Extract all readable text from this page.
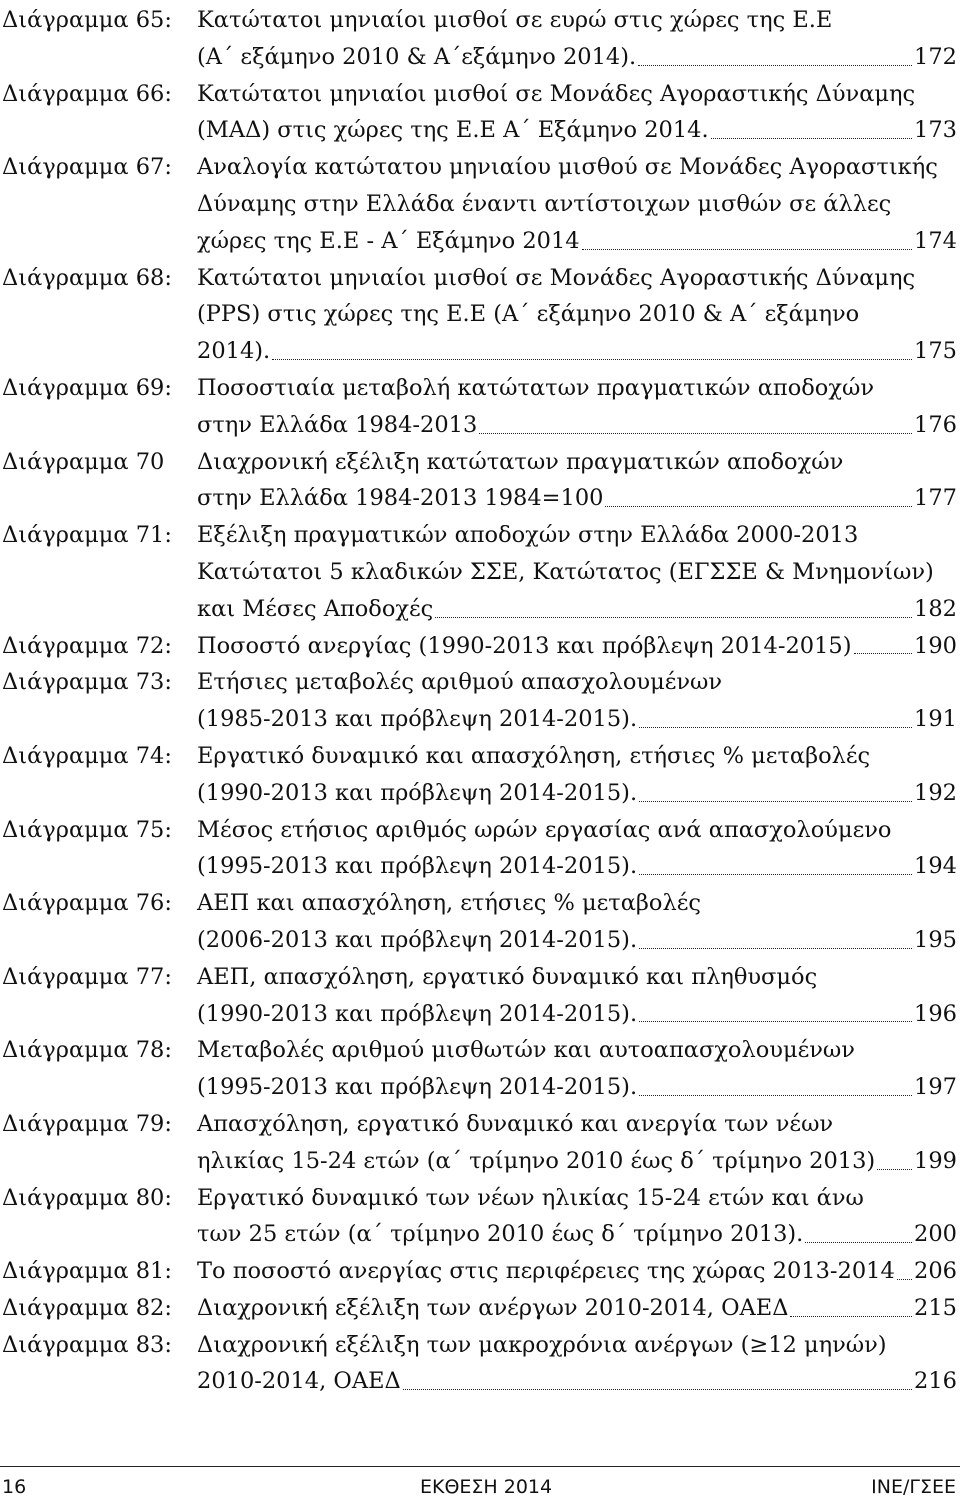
Διάγραμμα 65:	Κατώτατοι μηνιαίοι μισθοί σε ευρώ στις χώρες της Ε.Ε
(Α΄ εξάμηνο 2010 & Α΄εξάμηνο 2014).	172
Διάγραμμα 66:	Κατώτατοι μηνιαίοι μισθοί σε Μονάδες Αγοραστικής Δύναμης
(ΜΑΔ) στις χώρες της Ε.Ε Α΄ Εξάμηνο 2014.	173
Διάγραμμα 67:	Αναλογία κατώτατου μηνιαίου μισθού σε Μονάδες Αγοραστικής
Δύναμης στην Ελλάδα έναντι αντίστοιχων μισθών σε άλλες
χώρες της Ε.Ε - Α΄ Εξάμηνο 2014	174
Διάγραμμα 68:	Κατώτατοι μηνιαίοι μισθοί σε Μονάδες Αγοραστικής Δύναμης
(PPS) στις χώρες της Ε.Ε (Α΄ εξάμηνο 2010 & Α΄ εξάμηνο
2014).	175
Διάγραμμα 69:	Ποσοστιαία μεταβολή κατώτατων πραγματικών αποδοχών
στην Ελλάδα 1984-2013	176
Διάγραμμα 70	Διαχρονική εξέλιξη κατώτατων πραγματικών αποδοχών
στην Ελλάδα 1984-2013 1984=100	177
Διάγραμμα 71:	Εξέλιξη πραγματικών αποδοχών στην Ελλάδα 2000-2013
Κατώτατοι 5 κλαδικών ΣΣΕ, Κατώτατος (ΕΓΣΣΕ & Μνημονίων)
και Μέσες Αποδοχές	182
Διάγραμμα 72:	Ποσοστό ανεργίας (1990-2013 και πρόβλεψη 2014-2015)	190
Διάγραμμα 73:	Ετήσιες μεταβολές αριθμού απασχολουμένων
(1985-2013 και πρόβλεψη 2014-2015).	191
Διάγραμμα 74:	Εργατικό δυναμικό και απασχόληση, ετήσιες % μεταβολές
(1990-2013 και πρόβλεψη 2014-2015).	192
Διάγραμμα 75:	Μέσος ετήσιος αριθμός ωρών εργασίας ανά απασχολούμενο
(1995-2013 και πρόβλεψη 2014-2015).	194
Διάγραμμα 76:	ΑΕΠ και απασχόληση, ετήσιες % μεταβολές
(2006-2013 και πρόβλεψη 2014-2015).	195
Διάγραμμα 77:	ΑΕΠ, απασχόληση, εργατικό δυναμικό και πληθυσμός
(1990-2013 και πρόβλεψη 2014-2015).	196
Διάγραμμα 78:	Μεταβολές αριθμού μισθωτών και αυτοαπασχολουμένων
(1995-2013 και πρόβλεψη 2014-2015).	197
Διάγραμμα 79:	Απασχόληση, εργατικό δυναμικό και ανεργία των νέων
ηλικίας 15-24 ετών (α΄ τρίμηνο 2010 έως δ΄ τρίμηνο 2013) 199
Διάγραμμα 80:	Εργατικό δυναμικό των νέων ηλικίας 15-24 ετών και άνω
των 25 ετών (α΄ τρίμηνο 2010 έως δ΄ τρίμηνο 2013).	200
Διάγραμμα 81:	Το ποσοστό ανεργίας στις περιφέρειες της χώρας 2013-2014 206
Διάγραμμα 82:	Διαχρονική εξέλιξη των ανέργων 2010-2014, ΟΑΕΔ	215
Διάγραμμα 83:	Διαχρονική εξέλιξη των μακροχρόνια ανέργων (≥12 μηνών)
2010-2014, ΟΑΕΔ	216
16	ΕΚΘΕΣΗ 2014	ΙΝΕ/ΓΣΕΕ
